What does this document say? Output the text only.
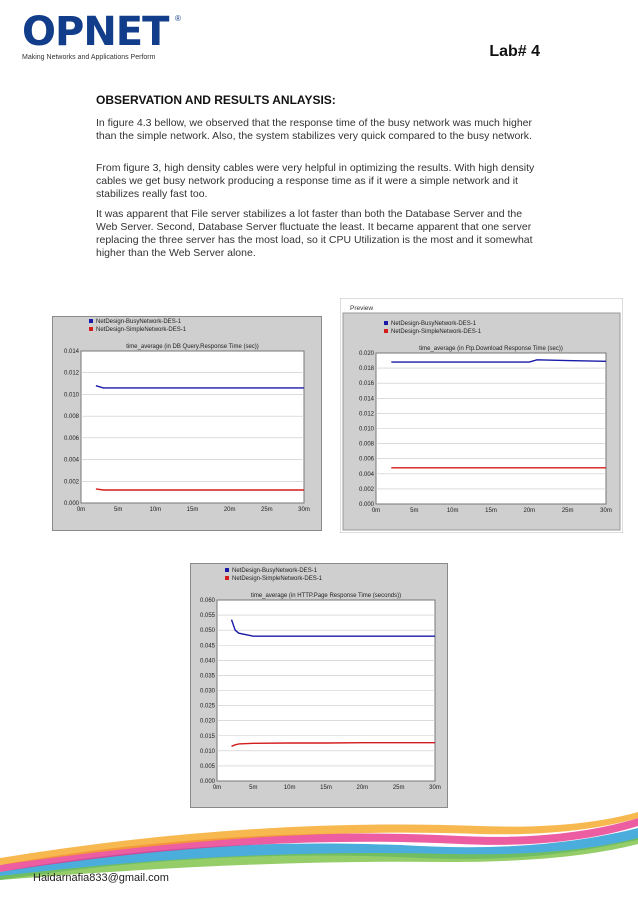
OPNET ®
Making Networks and Applications Perform	Lab# 4
OBSERVATION AND RESULTS ANLAYSIS:

In figure 4.3 bellow, we observed that the response time of the busy network was much higher than the simple network. Also, the system stabilizes very quick compared to the busy network.

From figure 3, high density cables were very helpful in optimizing the results. With high density cables we get busy network producing a response time as if it were a simple network and it stabilizes really fast too.

It was apparent that File server stabilizes a lot faster than both the Database Server and the Web Server. Second, Database Server fluctuate the least. It became apparent that one server replacing the three server has the most load, so it CPU Utilization is the most and it somewhat higher than the Web Server alone.

NetDesign-BusyNetwork-DES-1
NetDesign-SimpleNetwork-DES-1
time_average (in DB Query.Response Time (sec))
0.000
0.002
0.004
0.006
0.008
0.010
0.012
0.014
0m	5m	10m	15m	20m	25m	30m
Preview
NetDesign-BusyNetwork-DES-1
NetDesign-SimpleNetwork-DES-1
time_average (in Ftp.Download Response Time (sec))
0.000
0.002
0.004
0.006
0.008
0.010
0.012
0.014
0.016
0.018
0.020
0m	5m	10m	15m	20m	25m	30m
NetDesign-BusyNetwork-DES-1
NetDesign-SimpleNetwork-DES-1
time_average (in HTTP.Page Response Time (seconds))
0.000
0.005
0.010
0.015
0.020
0.025
0.030
0.035
0.040
0.045
0.050
0.055
0.060
0m	5m	10m	15m	20m	25m	30m
Haidarnafia833@gmail.com
